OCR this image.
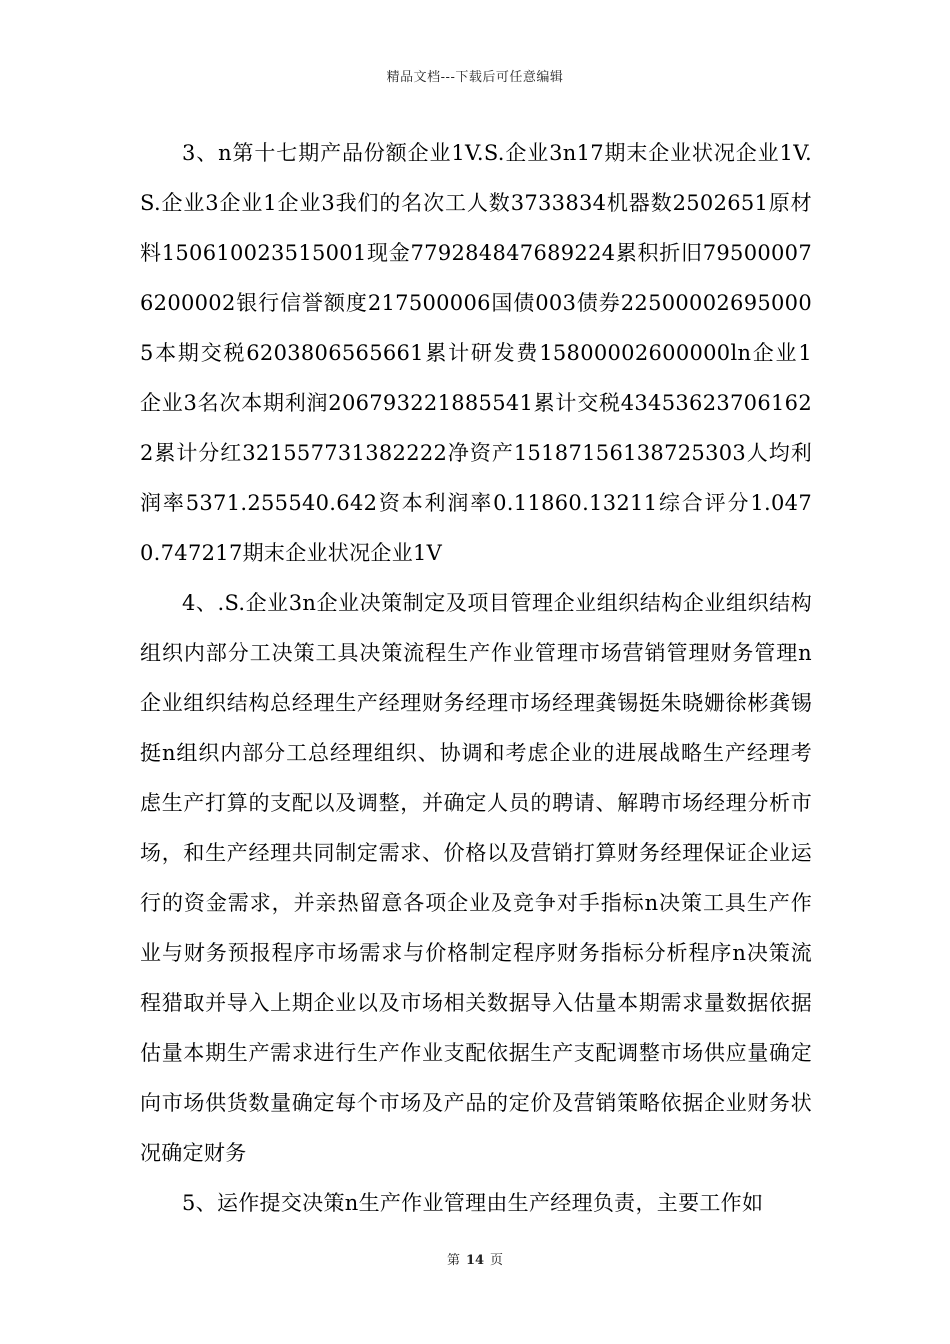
精品文档---下载后可任意编辑

3、n第十七期产品份额企业1V.S.企业3n17期末企业状况企业1V.S.企业3企业1企业3我们的名次工人数3733834机器数2502651原材料150610023515001现金779284847689224累积折旧795000076200002银行信誉额度217500006国债003债券225000026950005本期交税6203806565661累计研发费15800002600000ln企业1企业3名次本期利润206793221885541累计交税434536237061622累计分红321557731382222净资产15187156138725303人均利润率5371.255540.642资本利润率0.11860.13211综合评分1.0470.747217期末企业状况企业1V

4、.S.企业3n企业决策制定及项目管理企业组织结构企业组织结构组织内部分工决策工具决策流程生产作业管理市场营销管理财务管理n企业组织结构总经理生产经理财务经理市场经理龚锡挺朱晓姗徐彬龚锡挺n组织内部分工总经理组织、协调和考虑企业的进展战略生产经理考虑生产打算的支配以及调整，并确定人员的聘请、解聘市场经理分析市场，和生产经理共同制定需求、价格以及营销打算财务经理保证企业运行的资金需求，并亲热留意各项企业及竞争对手指标n决策工具生产作业与财务预报程序市场需求与价格制定程序财务指标分析程序n决策流程猎取并导入上期企业以及市场相关数据导入估量本期需求量数据依据估量本期生产需求进行生产作业支配依据生产支配调整市场供应量确定向市场供货数量确定每个市场及产品的定价及营销策略依据企业财务状况确定财务

5、运作提交决策n生产作业管理由生产经理负责，主要工作如

第 14 页
